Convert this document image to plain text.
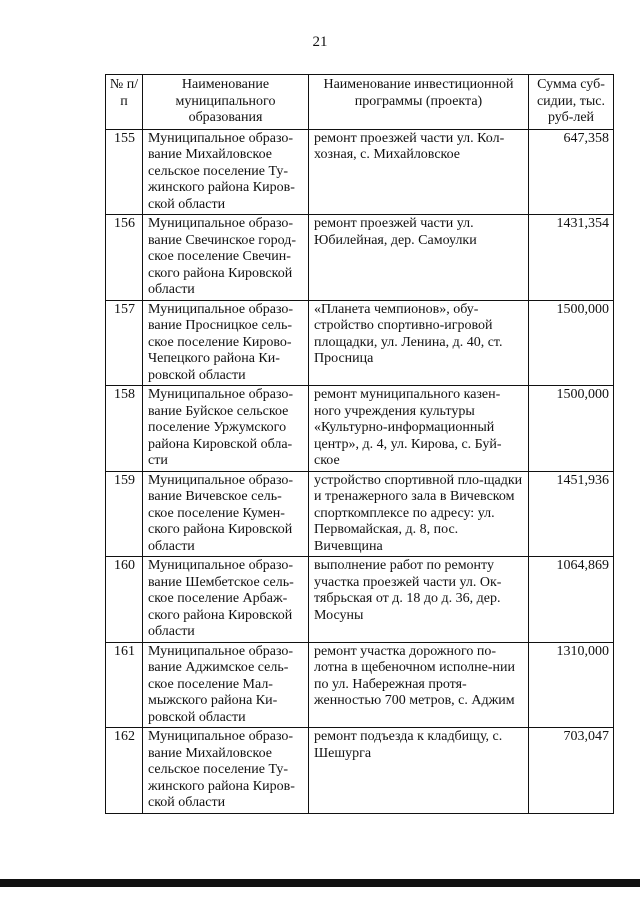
21
№ п/п	Наименование муниципального образования	Наименование инвестиционной программы (проекта)	Сумма суб-сидии, тыс. руб-лей
155	Муниципальное образо-вание Михайловское сельское поселение Ту-жинского района Киров-ской области	ремонт проезжей части ул. Кол-хозная, с. Михайловское	647,358
156	Муниципальное образо-вание Свечинское город-ское поселение Свечин-ского района Кировской области	ремонт проезжей части ул. Юбилейная, дер. Самоулки	1431,354
157	Муниципальное образо-вание Просницкое сель-ское поселение Кирово-Чепецкого района Ки-ровской области	«Планета чемпионов», обу-стройство спортивно-игровой площадки, ул. Ленина, д. 40, ст. Просница	1500,000
158	Муниципальное образо-вание Буйское сельское поселение Уржумского района Кировской обла-сти	ремонт муниципального казен-ного учреждения культуры «Культурно-информационный центр», д. 4, ул. Кирова, с. Буй-ское	1500,000
159	Муниципальное образо-вание Вичевское сель-ское поселение Кумен-ского района Кировской области	устройство спортивной пло-щадки и тренажерного зала в Вичевском спорткомплексе по адресу: ул. Первомайская, д. 8, пос. Вичевщина	1451,936
160	Муниципальное образо-вание Шембетское сель-ское поселение Арбаж-ского района Кировской области	выполнение работ по ремонту участка проезжей части ул. Ок-тябрьская от д. 18 до д. 36, дер. Мосуны	1064,869
161	Муниципальное образо-вание Аджимское сель-ское поселение Мал-мыжского района Ки-ровской области	ремонт участка дорожного по-лотна в щебеночном исполне-нии по ул. Набережная протя-женностью 700 метров, с. Аджим	1310,000
162	Муниципальное образо-вание Михайловское сельское поселение Ту-жинского района Киров-ской области	ремонт подъезда к кладбищу, с. Шешурга	703,047
